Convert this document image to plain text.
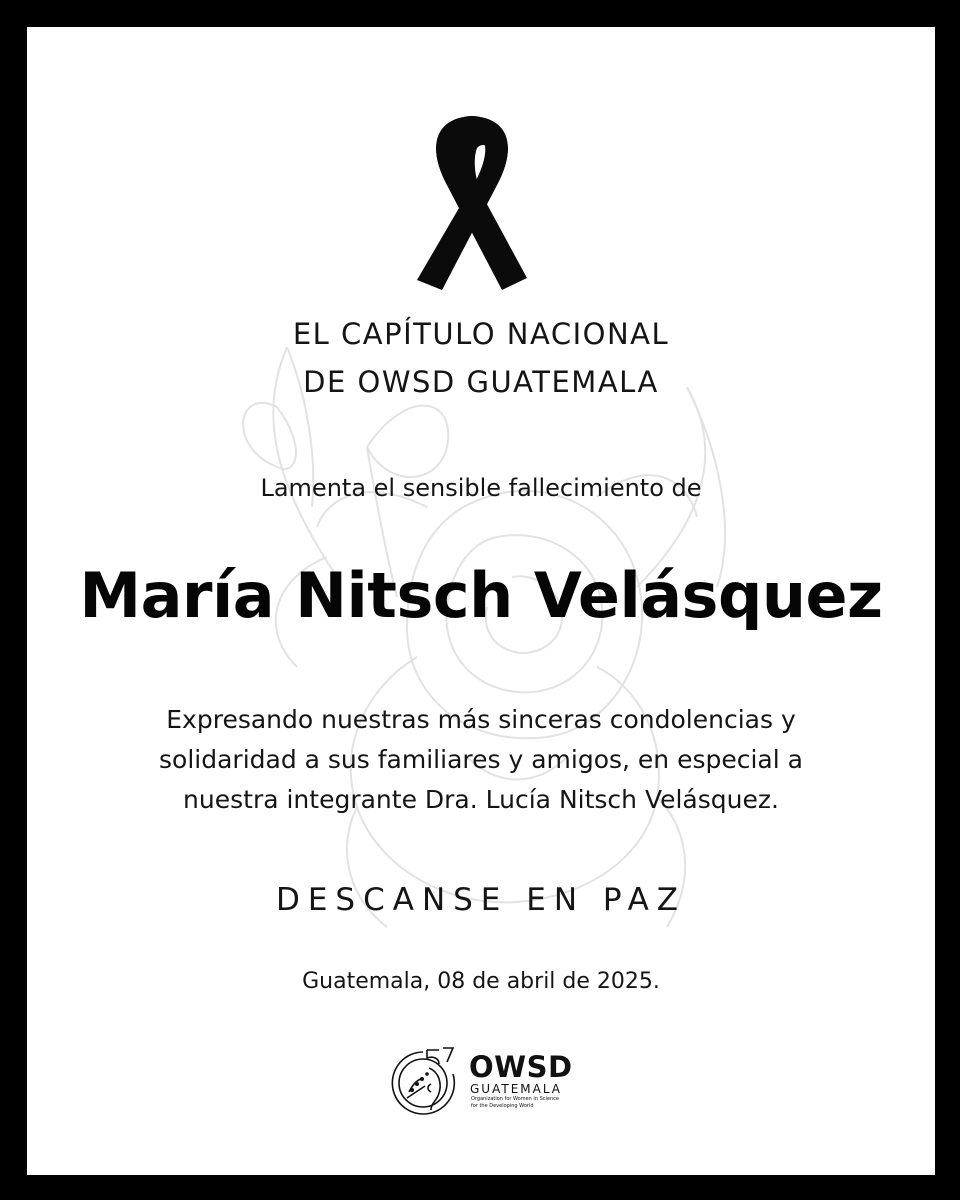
EL CAPÍTULO NACIONAL
DE OWSD GUATEMALA

Lamenta el sensible fallecimiento de

María Nitsch Velásquez

Expresando nuestras más sinceras condolencias y
solidaridad a sus familiares y amigos, en especial a
nuestra integrante Dra. Lucía Nitsch Velásquez.

DESCANSE EN PAZ

Guatemala, 08 de abril de 2025.

OWSD
GUATEMALA
Organization for Women in Science
for the Developing World
